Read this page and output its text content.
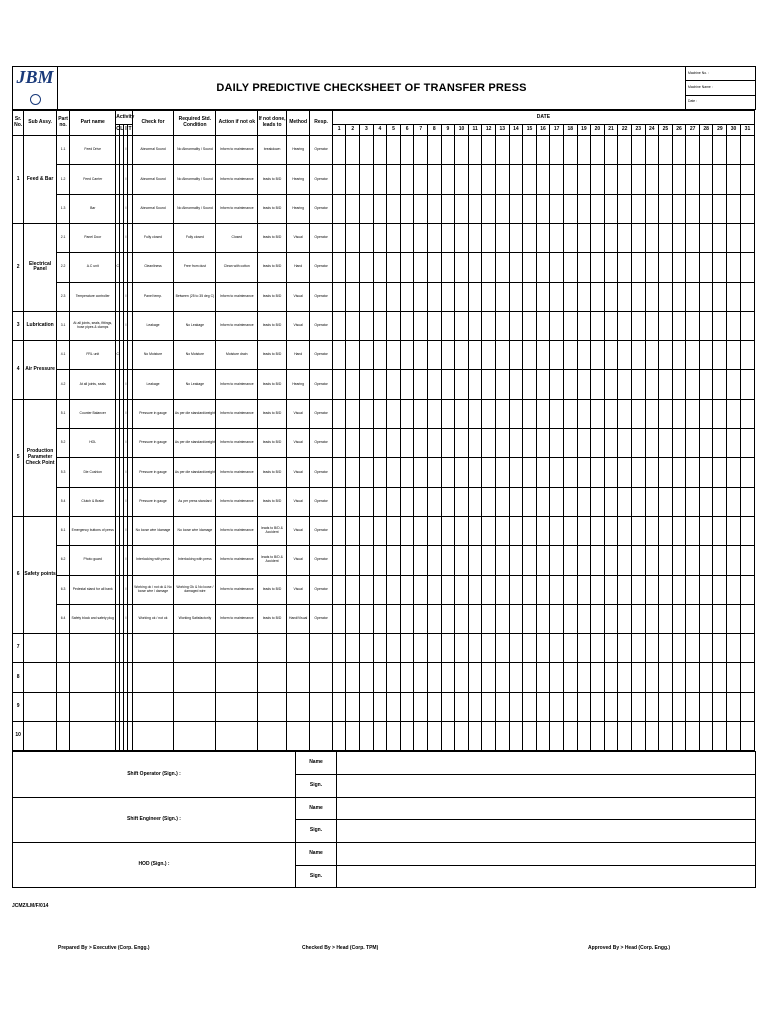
JBM	DAILY PREDICTIVE CHECKSHEET OF TRANSFER PRESS	Machine No. :
Machine Name :
Date :
Sr. No.	Sub Assy.	Part no.	Part name	Activity				Check for	Required Std. Condition	Action if not ok	If not done, leads to	Method	Resp.	DATE																														
				C	L	I	T							1	2	3	4	5	6	7	8	9	10	11	12	13	14	15	16	17	18	19	20	21	22	23	24	25	26	27	28	29	30	31
1	Feed & Bar	1.1	Feed Drive			I		Abnormal Sound	No Abnormality / Sound	Inform to maintenance	breakdown	Hearing	Operator																															
		1.2	Feed Carrier			I		Abnormal Sound	No Abnormality / Sound	Inform to maintenance	leads to B/D	Hearing	Operator																															
		1.3	Bar			I		Abnormal Sound	No Abnormality / Sound	Inform to maintenance	leads to B/D	Hearing	Operator																															
2	Electrical Panel	2.1	Panel Door			I		Fully closed	Fully closed	Closed	leads to B/D	Visual	Operator																															
		2.2	A.C unit	C				Cleanliness	Free from dust	Clean with cotton	leads to B/D	Hand	Operator																															
		2.3	Temperature controller			I		Panel temp.	Between (25 to 35 deg C)	Inform to maintenance	leads to B/D	Visual	Operator																															
3	Lubrication	3.1	At all joints, seals, fittings, hose pipes & clamps			I		Leakage	No Leakage	Inform to maintenance	leads to B/D	Visual	Operator																															
4	Air Pressure	4.1	FRL unit	C				No Moisture	No Moisture	Moisture drain	leads to B/D	Hand	Operator																															
		4.2	At all joints, seals			I		Leakage	No Leakage	Inform to maintenance	leads to B/D	Hearing	Operator																															
5	Production Parameter Check Point	5.1	Counter Balancer			I		Pressure in gauge	As per die standard/weight	Inform to maintenance	leads to B/D	Visual	Operator																															
		5.2	HOL			I		Pressure in gauge	As per die standard/weight	Inform to maintenance	leads to B/D	Visual	Operator																															
		5.3	Die Cushion			I		Pressure in gauge	As per die standard/weight	Inform to maintenance	leads to B/D	Visual	Operator																															
		5.4	Clutch & Brake			I		Pressure in gauge	As per press standard	Inform to maintenance	leads to B/D	Visual	Operator																															
6	Safety points	6.1	Emergency buttons of press			I		No loose wire /damage	No loose wire /damage	Inform to maintenance	leads to B/D & Accident	Visual	Operator																															
		6.2	Photo guard			I		Interlocking with press	Interlocking with press	Inform to maintenance	leads to B/D & Accident	Visual	Operator																															
		6.3	Pedestal stand for all bank			I		Working ok / not ok & No loose wire / damage	Working Ok & No loose / damaged wire	Inform to maintenance	leads to B/D	Visual	Operator																															
		6.4	Safety block and safety plug			I		Working ok / not ok	Working Satisfactorily	Inform to maintenance	leads to B/D	Hand/Visual	Operator																															
7																																												
8																																												
9																																												
10																																												
Shift Operator (Sign.) :	Name	
	Sign.	
Shift Engineer (Sign.) :	Name	
	Sign.	
HOD (Sign.) :	Name	
	Sign.	
JCMZ/LM/F/014
Prepared By > Executive (Corp. Engg.)	Checked By > Head (Corp. TPM)	Approved By > Head (Corp. Engg.)
